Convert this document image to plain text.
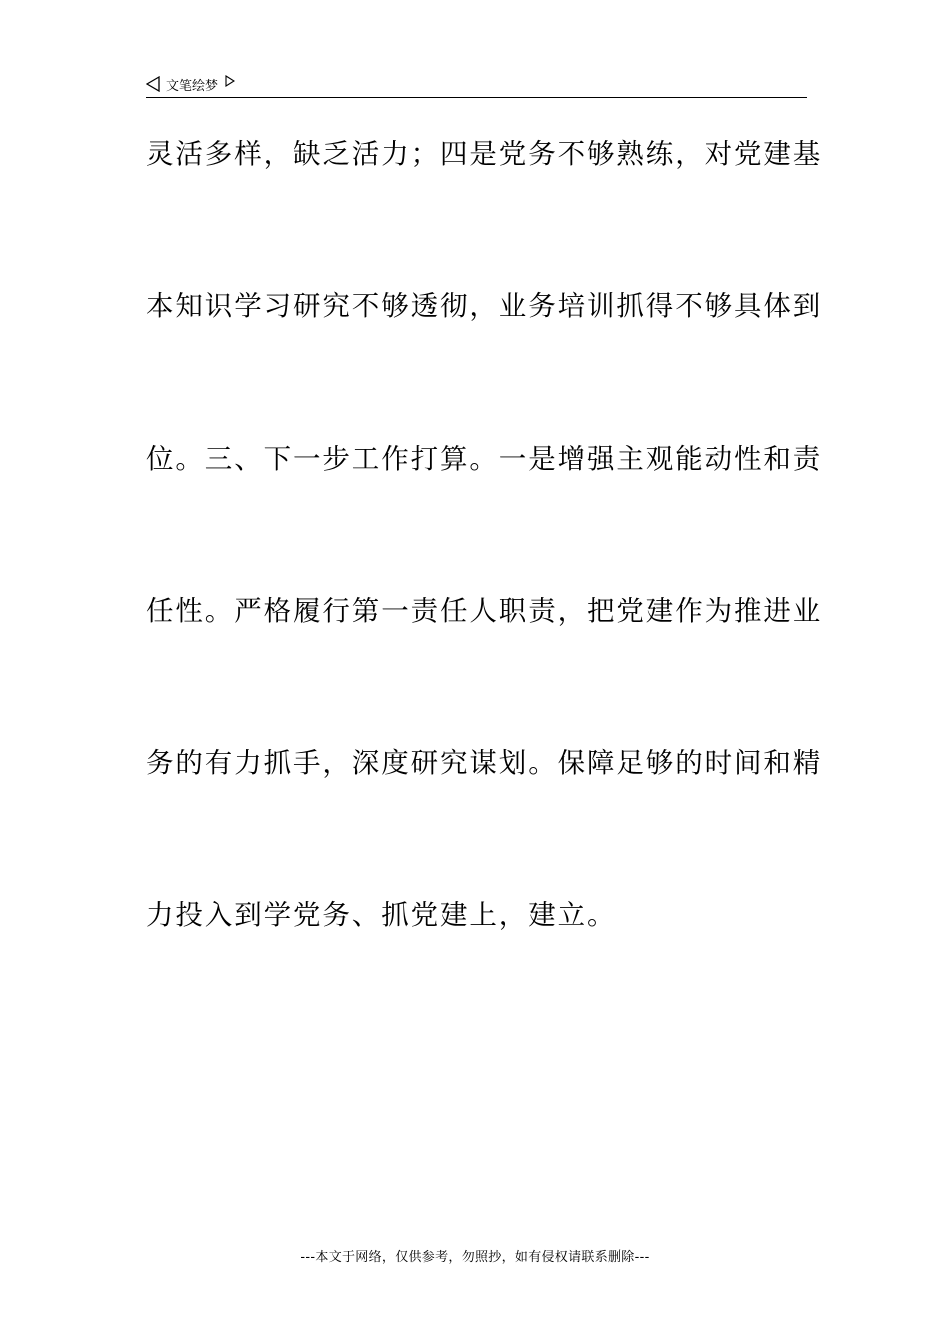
文笔绘梦
灵活多样，缺乏活力；四是党务不够熟练，对党建基
本知识学习研究不够透彻，业务培训抓得不够具体到
位。三、下一步工作打算。一是增强主观能动性和责
任性。严格履行第一责任人职责，把党建作为推进业
务的有力抓手，深度研究谋划。保障足够的时间和精
力投入到学党务、抓党建上，建立。
---本文于网络，仅供参考，勿照抄，如有侵权请联系删除---
